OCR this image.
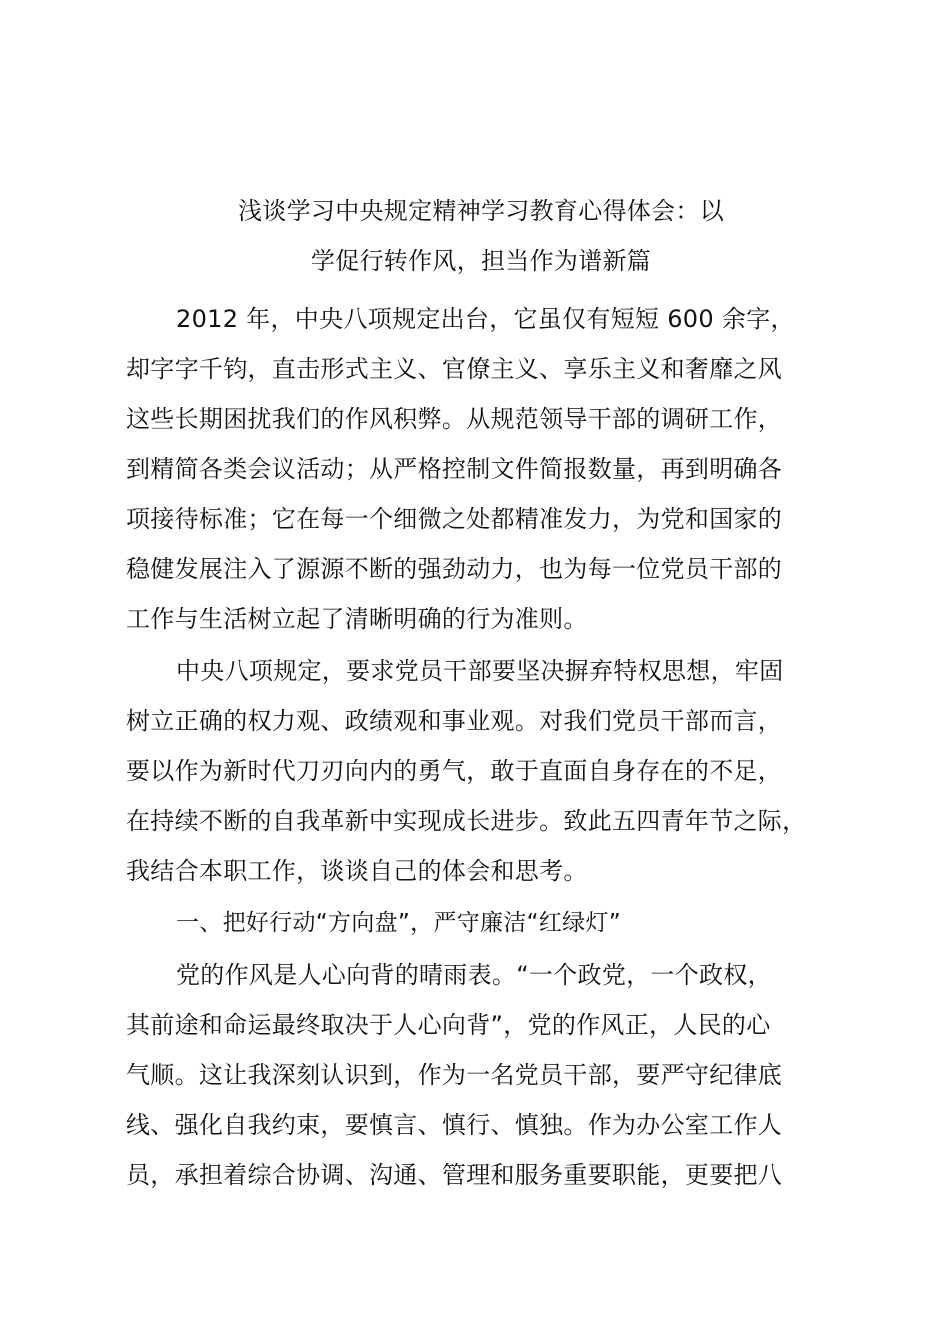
浅谈学习中央规定精神学习教育心得体会：以
学促行转作风，担当作为谱新篇
2012 年，中央八项规定出台，它虽仅有短短 600 余字，
却字字千钧，直击形式主义、官僚主义、享乐主义和奢靡之风
这些长期困扰我们的作风积弊。从规范领导干部的调研工作，
到精简各类会议活动；从严格控制文件简报数量，再到明确各
项接待标准；它在每一个细微之处都精准发力，为党和国家的
稳健发展注入了源源不断的强劲动力，也为每一位党员干部的
工作与生活树立起了清晰明确的行为准则。
中央八项规定，要求党员干部要坚决摒弃特权思想，牢固
树立正确的权力观、政绩观和事业观。对我们党员干部而言，
要以作为新时代刀刃向内的勇气，敢于直面自身存在的不足，
在持续不断的自我革新中实现成长进步。致此五四青年节之际，
我结合本职工作，谈谈自己的体会和思考。
一、把好行动“方向盘”，严守廉洁“红绿灯”
党的作风是人心向背的晴雨表。“一个政党，一个政权，
其前途和命运最终取决于人心向背”，党的作风正，人民的心
气顺。这让我深刻认识到，作为一名党员干部，要严守纪律底
线、强化自我约束，要慎言、慎行、慎独。作为办公室工作人
员，承担着综合协调、沟通、管理和服务重要职能，更要把八
